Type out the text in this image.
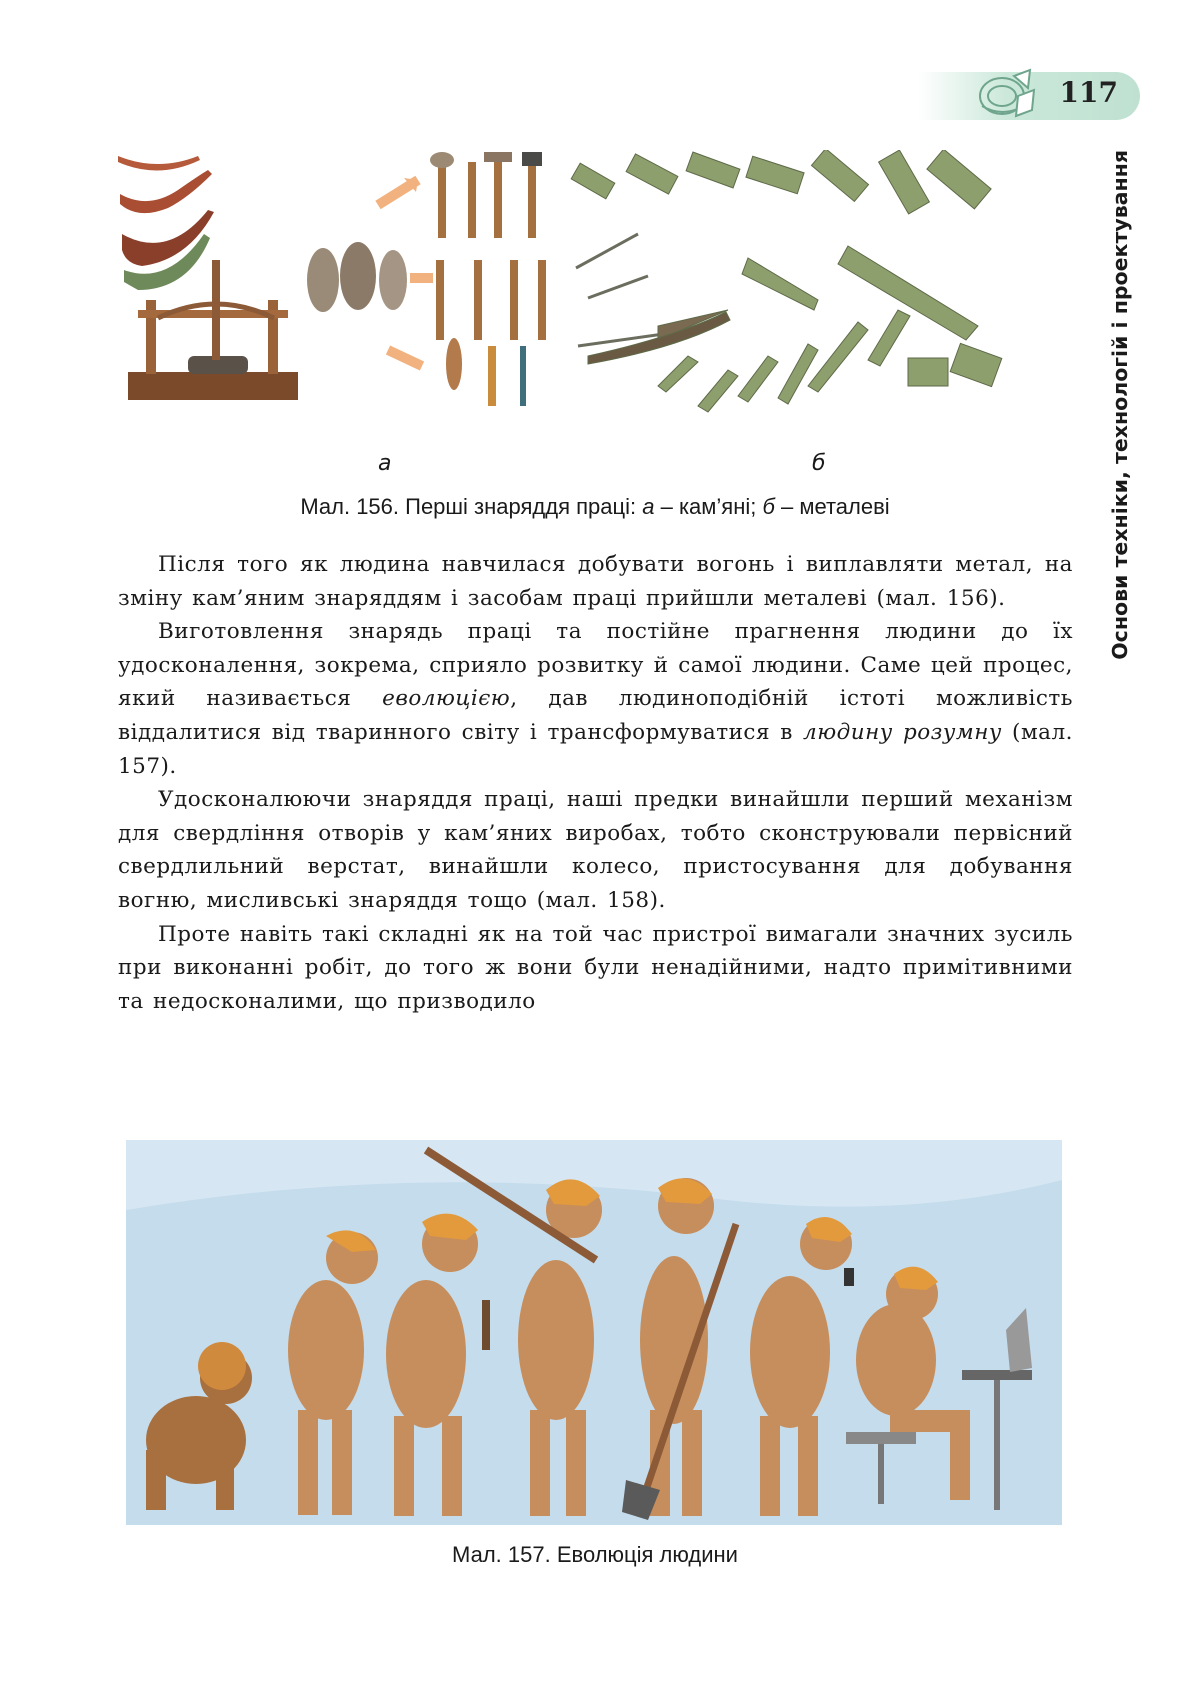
117
Основи техніки, технологій і проектування
а	б
Мал. 156. Перші знаряддя праці: а – кам’яні; б – металеві

Після того як людина навчилася добувати вогонь і виплавляти метал, на зміну кам’яним знаряддям і засобам праці прийшли металеві (мал. 156).

Виготовлення знарядь праці та постійне прагнення людини до їх удосконалення, зокрема, сприяло розвитку й самої людини. Саме цей процес, який називається еволюцією, дав людиноподібній істоті можливість віддалитися від тваринного світу і трансформуватися в людину розумну (мал. 157).

Удосконалюючи знаряддя праці, наші предки винайшли перший механізм для свердління отворів у кам’яних виробах, тобто сконструювали первісний свердлильний верстат, винайшли колесо, пристосування для добування вогню, мисливські знаряддя тощо (мал. 158).

Проте навіть такі складні як на той час пристрої вимагали значних зусиль при виконанні робіт, до того ж вони були ненадійними, надто примітивними та недосконалими, що призводило

Мал. 157. Еволюція людини
